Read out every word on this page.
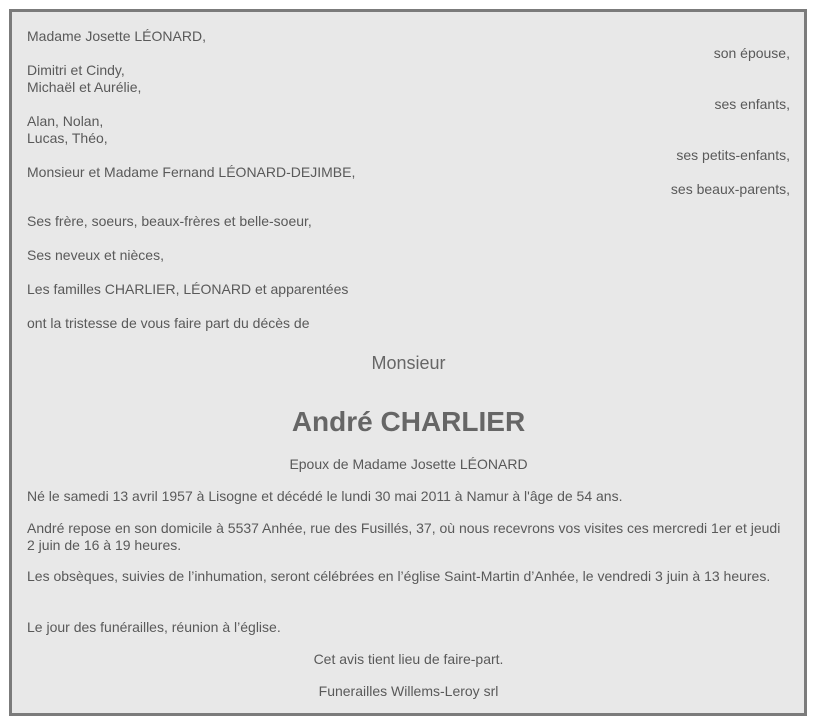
Madame Josette LÉONARD,
son épouse,
Dimitri et Cindy,
Michaël et Aurélie,
ses enfants,
Alan, Nolan,
Lucas, Théo,
ses petits-enfants,
Monsieur et Madame Fernand LÉONARD-DEJIMBE,
ses beaux-parents,
Ses frère, soeurs, beaux-frères et belle-soeur,
Ses neveux et nièces,
Les familles CHARLIER, LÉONARD et apparentées
ont la tristesse de vous faire part du décès de
Monsieur
André CHARLIER
Epoux de Madame Josette LÉONARD
Né le samedi 13 avril 1957 à Lisogne et décédé le lundi 30 mai 2011 à Namur à l'âge de 54 ans.
André repose en son domicile à 5537 Anhée, rue des Fusillés, 37, où nous recevrons vos visites ces mercredi 1er et jeudi 2 juin de 16 à 19 heures.
Les obsèques, suivies de l’inhumation, seront célébrées en l’église Saint-Martin d’Anhée, le vendredi 3 juin à 13 heures.
Le jour des funérailles, réunion à l’église.
Cet avis tient lieu de faire-part.
Funerailles Willems-Leroy srl
